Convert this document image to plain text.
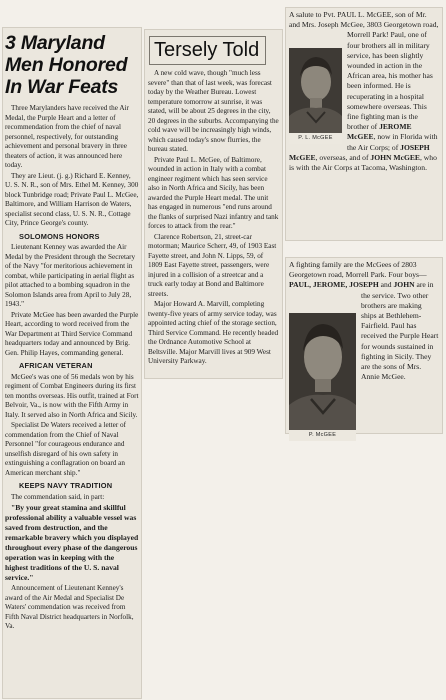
3 Maryland Men Honored In War Feats

Three Marylanders have received the Air Medal, the Purple Heart and a letter of recommendation from the chief of naval personnel, respectively, for outstanding achievement and personal bravery in three theaters of action, it was announced here today.

They are Lieut. (j. g.) Richard E. Kenney, U. S. N. R., son of Mrs. Ethel M. Kenney, 300 block Tunbridge road; Private Paul L. McGee, Baltimore, and William Harrison de Waters, specialist second class, U. S. N. R., Cottage City, Prince George's county.

SOLOMONS HONORS

Lieutenant Kenney was awarded the Air Medal by the President through the Secretary of the Navy "for meritorious achievement in combat, while participating in aerial flight as pilot attached to a bombing squadron in the Solomon Islands area from April to July 28, 1943."

Private McGee has been awarded the Purple Heart, according to word received from the War Department at Third Service Command headquarters today and announced by Brig. Gen. Philip Hayes, commanding general.

AFRICAN VETERAN

McGee's was one of 56 medals won by his regiment of Combat Engineers during its first ten months overseas. His outfit, trained at Fort Belvoir, Va., is now with the Fifth Army in Italy. It served also in North Africa and Sicily.

Specialist De Waters received a letter of commendation from the Chief of Naval Personnel "for courageous endurance and unselfish disregard of his own safety in extinguishing a conflagration on board an American merchant ship."

KEEPS NAVY TRADITION

The commendation said, in part:

"By your great stamina and skillful professional ability a valuable vessel was saved from destruction, and the remarkable bravery which you displayed throughout every phase of the dangerous operation was in keeping with the highest traditions of the U. S. naval service."

Announcement of Lieutenant Kenney's award of the Air Medal and Specialist De Waters' commendation was received from Fifth Naval District headquarters in Norfolk, Va.

Tersely Told

A new cold wave, though "much less severe" than that of last week, was forecast today by the Weather Bureau. Lowest temperature tomorrow at sunrise, it was stated, will be about 25 degrees in the city, 20 degrees in the suburbs. Accompanying the cold wave will be increasingly high winds, which caused today's snow flurries, the bureau stated.

Private Paul L. McGee, of Baltimore, wounded in action in Italy with a combat engineer regiment which has seen service also in North Africa and Sicily, has been awarded the Purple Heart medal. The unit has engaged in numerous "end runs around the flanks of surprised Nazi infantry and tank forces to attack from the rear."

Clarence Robertson, 21, street-car motorman; Maurice Scherr, 49, of 1903 East Fayette street, and John N. Lipps, 59, of 1809 East Fayette street, passengers, were injured in a collision of a streetcar and a truck early today at Bond and Baltimore streets.

Major Howard A. Marvill, completing twenty-five years of army service today, was appointed acting chief of the storage section, Third Service Command. He recently headed the Ordnance Automotive School at Beltsville. Major Marvill lives at 909 West University Parkway.

A salute to Pvt. PAUL L. McGEE, son of Mr. and Mrs. Joseph McGee, 3803 Georgetown road,
P. L. McGEE
Morrell Park! Paul, one of four brothers all in military service, has been slightly wounded in action in the African area, his mother has been informed. He is recuperating in a hospital somewhere overseas. This fine fighting man is the brother of JEROME McGEE, now in Florida with the Air Corps; of JOSEPH McGEE, overseas, and of JOHN McGEE, who is with the Air Corps at Tacoma, Washington.
A fighting family are the McGees of 2803 Georgetown road, Morrell Park. Four boys—PAUL, JEROME, JOSEPH and JOHN
P. McGEE
are in the service. Two other brothers are making ships at Bethlehem-Fairfield. Paul has received the Purple Heart for wounds sustained in fighting in Sicily. They are the sons of Mrs. Annie McGee.
